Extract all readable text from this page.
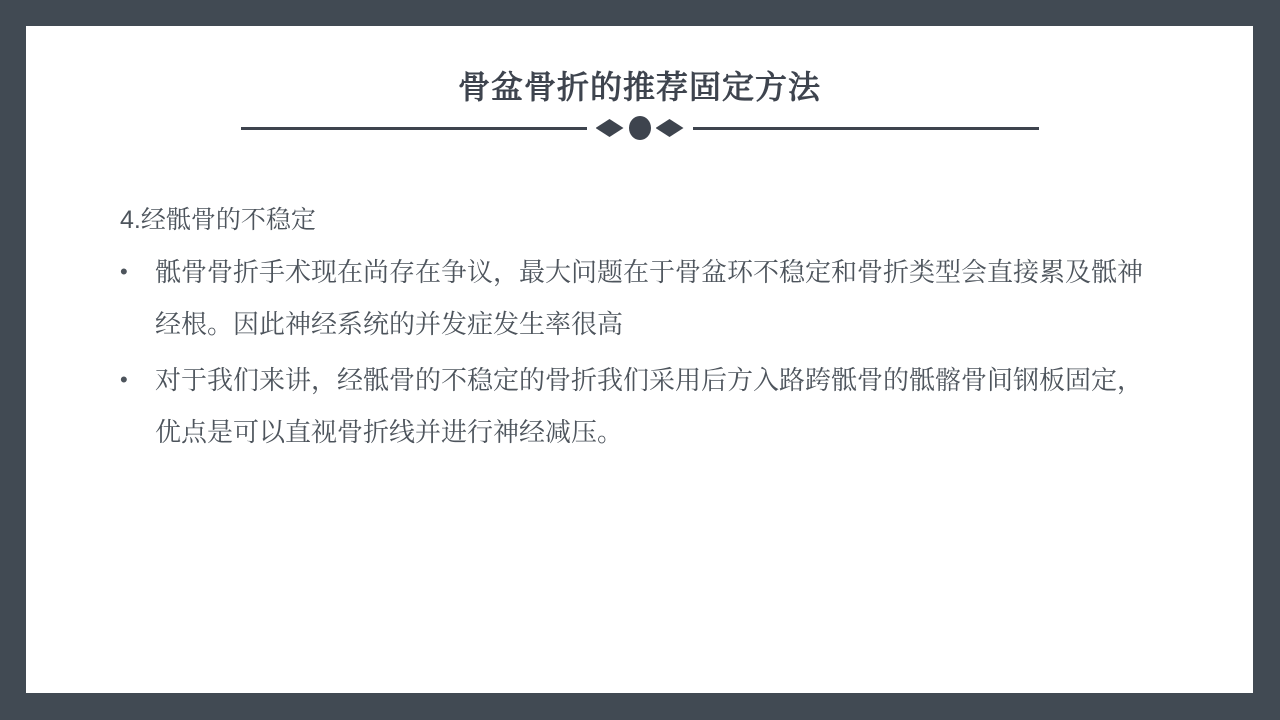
骨盆骨折的推荐固定方法
4.经骶骨的不稳定
•	骶骨骨折手术现在尚存在争议，最大问题在于骨盆环不稳定和骨折类型会直接累及骶神
经根。因此神经系统的并发症发生率很高
•	对于我们来讲，经骶骨的不稳定的骨折我们采用后方入路跨骶骨的骶髂骨间钢板固定，
优点是可以直视骨折线并进行神经减压。
